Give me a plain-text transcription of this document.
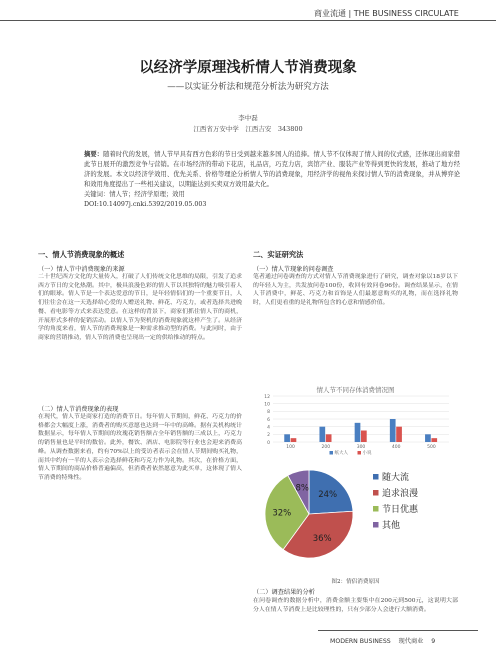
商业流通 | THE BUSINESS CIRCULATE
以经济学原理浅析情人节消费现象
——以实证分析法和规范分析法为研究方法
李中磊
江西省万安中学　江西吉安　343800

摘要：随着时代的发展，情人节早具有西方色彩的节日受到越来越多国人的追捧。情人节不仅体现了情人间的仪式感，还体现出商家借此节日展开的激烈竞争与营销。在市场经济的带动下花店，礼品店，巧克力店，宾馆产业、服装产业等得到更快的发展，推动了地方经济的发展。本文以经济学效用、优先关系、价格等理论分析情人节的消费现象，用经济学的视角来探讨情人节的消费现象，并从博弈论和效用角度提出了一些相关建议，以期能达到买卖双方效用最大化。

关键词：情人节；经济学原理；效用

DOI:10.14097j.cnki.5392/2019.05.003

一、情人节消费现象的概述
（一）情人节中消费现象的来源
二十世纪西方文化的大量传入，打破了人们传统文化思维的局限，引发了追求西方节日的文化热潮。其中，极具浪漫色彩的情人节以其独特的魅力吸引着人们的眼球。情人节是一个表达爱意的节日，是年轻情侣们的一个重要节日，人们往往会在这一天选择给心爱的人赠送礼物、鲜花、巧克力，或者选择共进晚餐、看电影等方式来表达爱意。在这样的背景下，商家们抓住情人节的商机，开展形式多样的促销活动。以情人节为契机的消费现象就这样产生了。从经济学的角度来看，情人节的消费现象是一种需求推动型的消费。与此同时，由于商家的营销推动，情人节的消费也呈现出一定的供给推动的特点。
（二）情人节消费现象的表现
在现代，情人节是商家打造的消费节日。每年情人节期间，鲜花、巧克力的价格都会大幅度上涨，消费者的购买意愿也达到一年中的高峰。据有关机构统计数据显示，每年情人节期间的玫瑰花销售额占全年销售额的三成以上，巧克力的销售量也是平时的数倍。此外，餐饮、酒店、电影院等行业也会迎来消费高峰。从调查数据来看，约有70%以上的受访者表示会在情人节期间购买礼物，而其中约有一半的人表示会选择鲜花和巧克力作为礼物。其次，在价格方面，情人节期间的商品价格普遍偏高，但消费者依然愿意为此买单，这体现了情人节消费的特殊性。
二、实证研究法
（一）情人节现象的问卷调查
笔者通过问卷调查的方式对情人节消费现象进行了研究，调查对象以18岁以下的年轻人为主，共发放问卷100份，收回有效问卷96份。调查结果显示，在情人节消费中，鲜花、巧克力和首饰是人们最愿意购买的礼物，而在选择礼物时，人们更看重的是礼物所包含的心意和情感价值。
情人节不同存体消费情况图
0
2
4
6
8
10
12
100	200	300	400	500
纸大人	小说
24%
36%
32%
8%
随大流
追求浪漫
节日优惠
其他
图2：情侣消费原因
（二）调查结果的分析
在问卷调查的数据分析中，消费金额主要集中在200元到500元，这说明大部分人在情人节消费上是比较理性的，只有少部分人会进行大额消费。
MODERN BUSINESS 现代商业 9
